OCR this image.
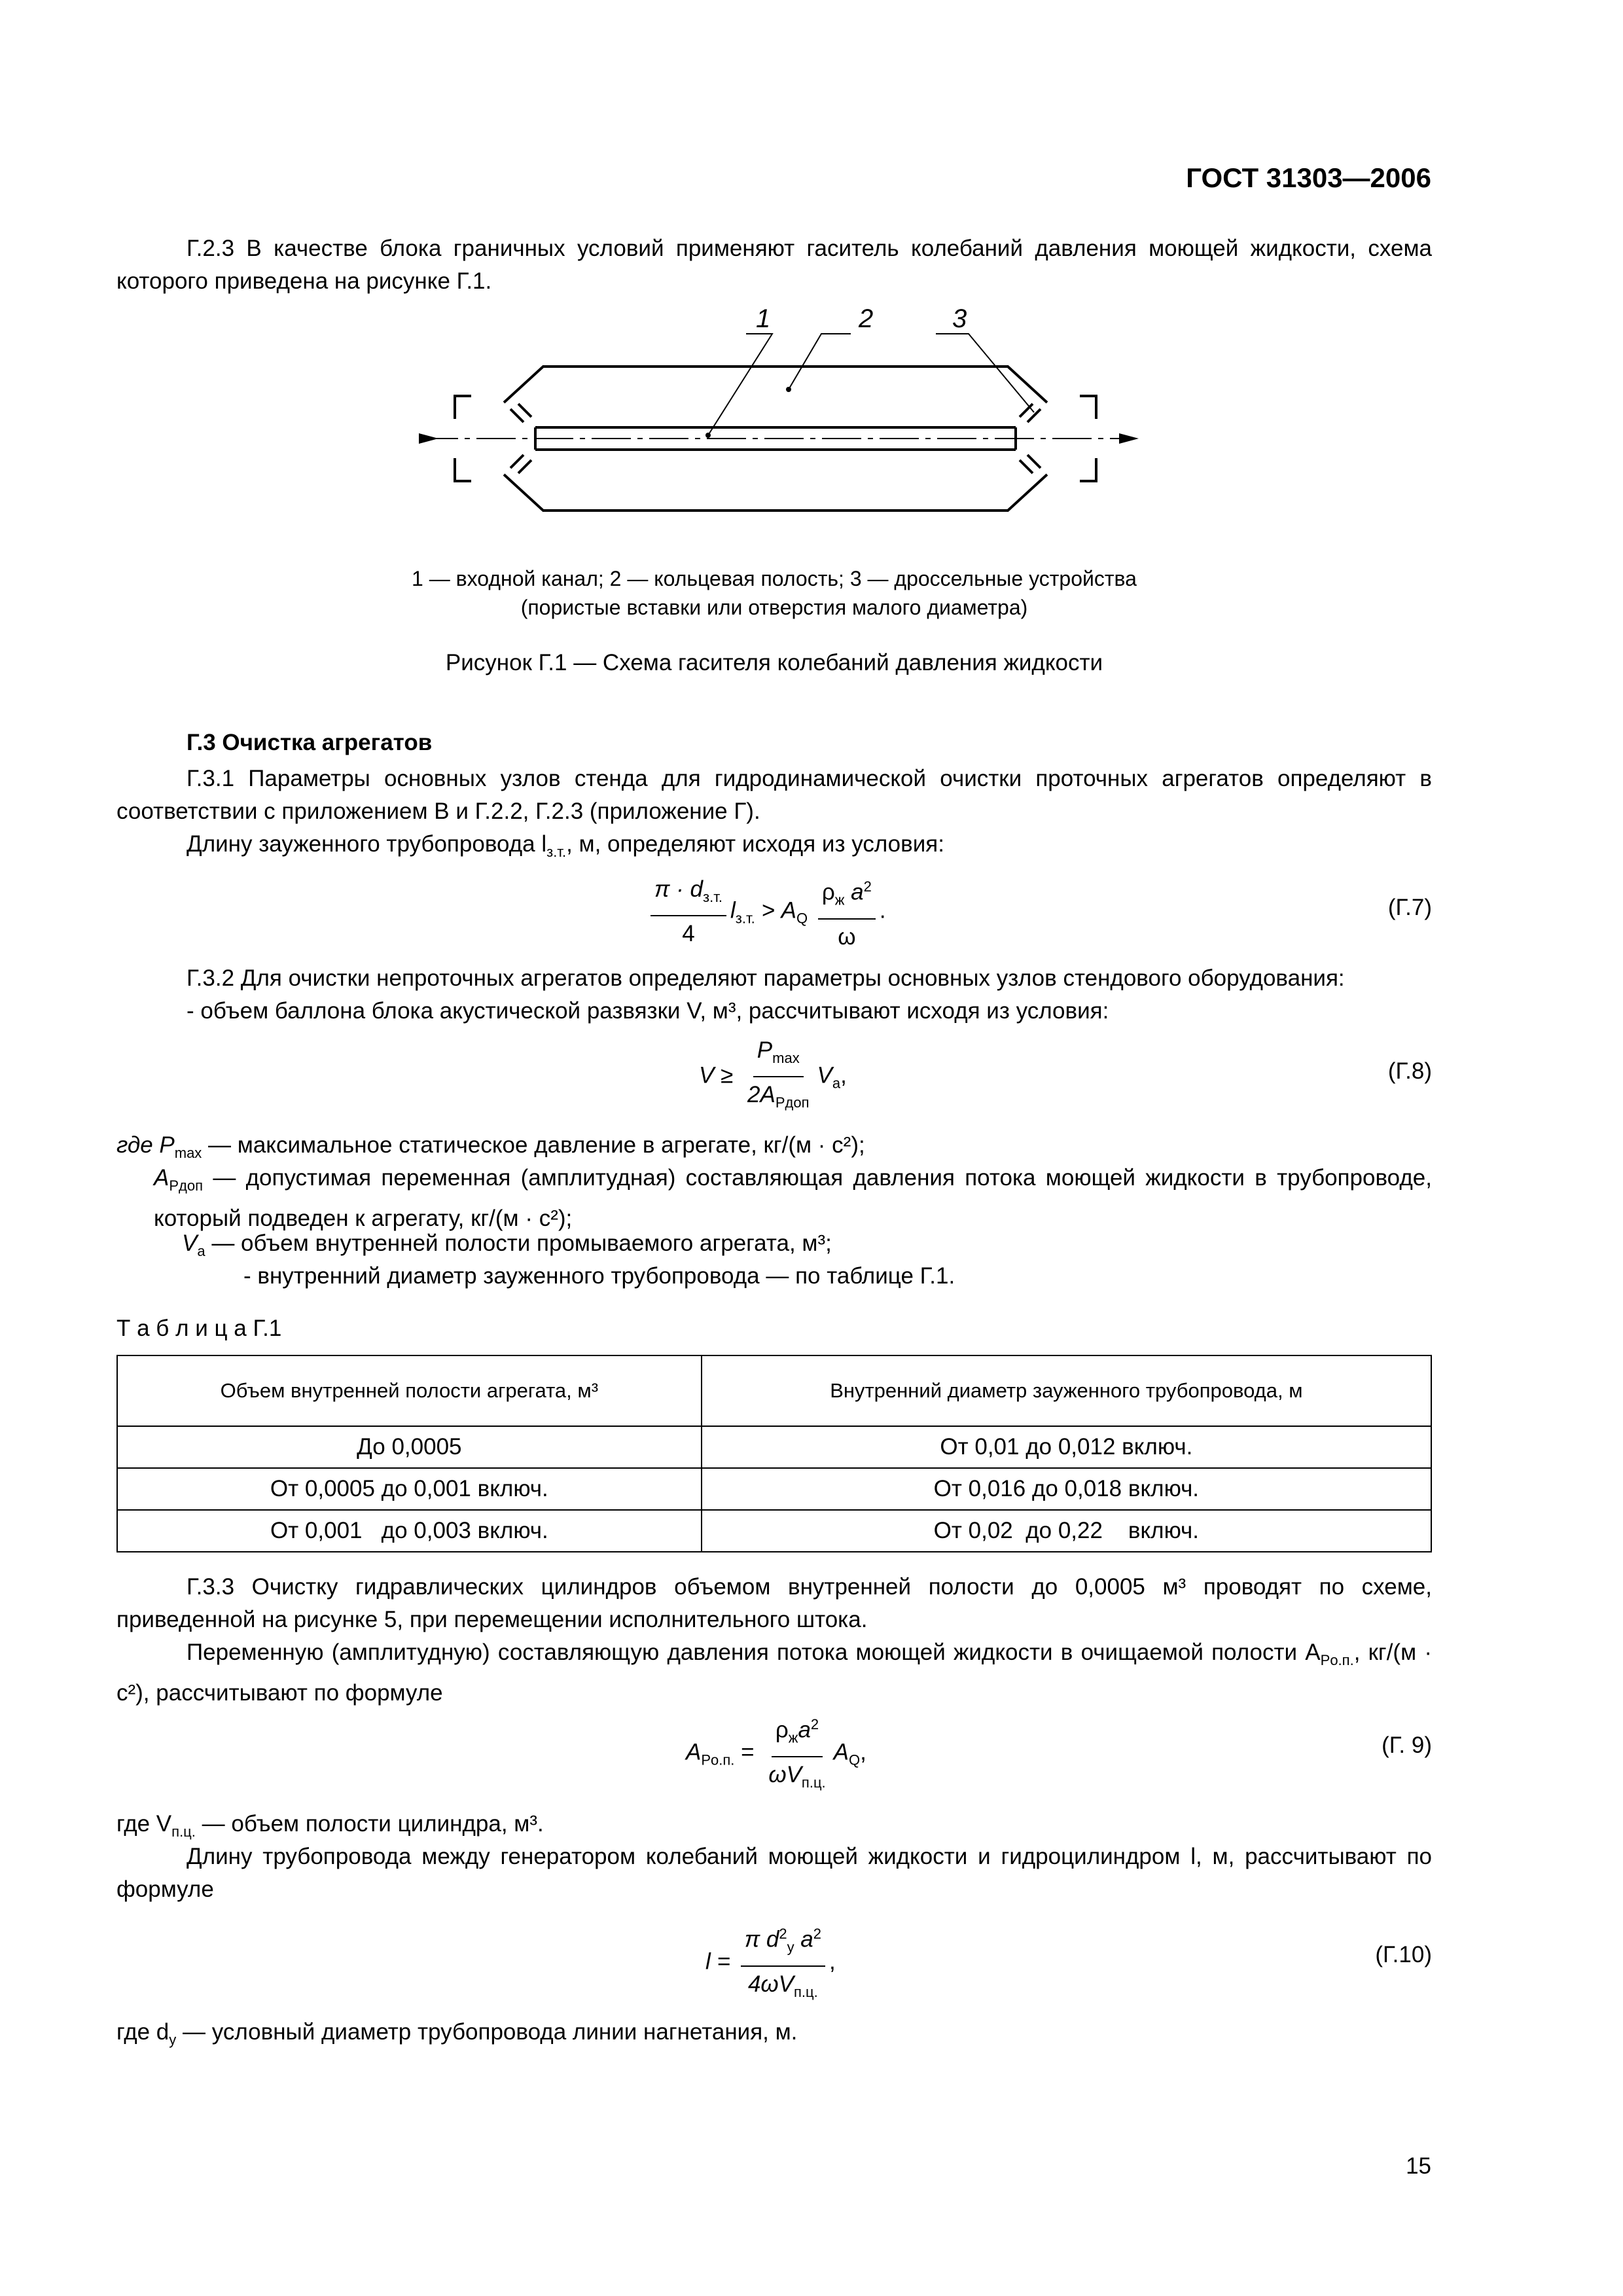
ГОСТ 31303—2006
Г.2.3 В качестве блока граничных условий применяют гаситель колебаний давления моющей жидкости, схема которого приведена на рисунке Г.1.
1	2	3
1 — входной канал; 2 — кольцевая полость; 3 — дроссельные устройства
(пористые вставки или отверстия малого диаметра)
Рисунок Г.1 — Схема гасителя колебаний давления жидкости
Г.3 Очистка агрегатов
Г.3.1 Параметры основных узлов стенда для гидродинамической очистки проточных агрегатов определяют в соответствии с приложением В и Г.2.2, Г.2.3 (приложение Г).
Длину зауженного трубопровода $l_{з.т.}$, м, определяют исходя из условия:
$\frac{\pi \cdot d_{з.т.}}{4} l_{з.т.} > A_Q \frac{\rho_ж a^2}{\omega}$ .	(Г.7)
Г.3.2 Для очистки непроточных агрегатов определяют параметры основных узлов стендового оборудования:
- объем баллона блока акустической развязки V, м³, рассчитывают исходя из условия:
$V \ge \frac{P_{max}}{2A_{Pдоп}} V_a$,	(Г.8)
где $P_{max}$ — максимальное статическое давление в агрегате, кг/(м · с²);
$A_{Pдоп}$ — допустимая переменная (амплитудная) составляющая давления потока моющей жидкости в трубопроводе, который подведен к агрегату, кг/(м · с²);
$V_a$ — объем внутренней полости промываемого агрегата, м³;
- внутренний диаметр зауженного трубопровода — по таблице Г.1.
Т а б л и ц а Г.1
Объем внутренней полости агрегата, м³	Внутренний диаметр зауженного трубопровода, м
До 0,0005	От 0,01 до 0,012 включ.
От 0,0005 до 0,001 включ.	От 0,016 до 0,018 включ.
От 0,001   до 0,003 включ.	От 0,02  до 0,22    включ.
Г.3.3 Очистку гидравлических цилиндров объемом внутренней полости до 0,0005 м³ проводят по схеме, приведенной на рисунке 5, при перемещении исполнительного штока.
Переменную (амплитудную) составляющую давления потока моющей жидкости в очищаемой полости $A_{Pо.п.}$, кг/(м · с²), рассчитывают по формуле
$A_{Pо.п.} = \frac{\rho_жa^2}{\omega V_{п.ц.}} A_Q$,	(Г. 9)
где $V_{п.ц.}$ — объем полости цилиндра, м³.
Длину трубопровода между генератором колебаний моющей жидкости и гидроцилиндром l, м, рассчитывают по формуле
$l = \frac{\pi d^2_у a^2}{4\omega V_{п.ц.}}$ ,	(Г.10)
где $d_у$ — условный диаметр трубопровода линии нагнетания, м.
15
